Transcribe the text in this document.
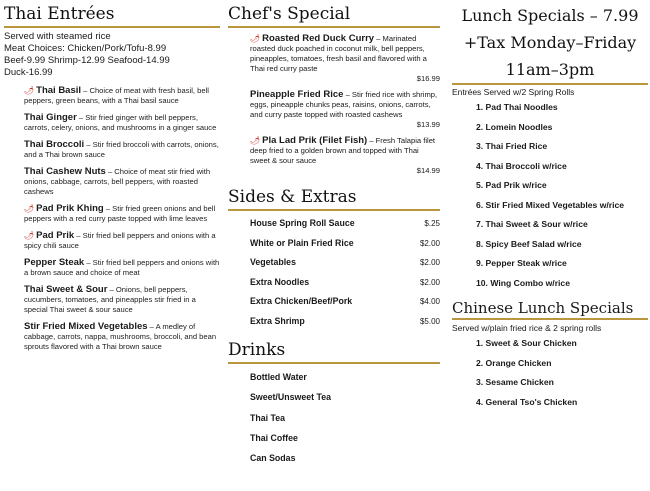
Thai Entrées
Served with steamed rice
Meat Choices: Chicken/Pork/Tofu-8.99
Beef-9.99 Shrimp-12.99 Seafood-14.99
Duck-16.99
🌶 Thai Basil – Choice of meat with fresh basil, bell peppers, green beans, with a Thai basil sauce
Thai Ginger – Stir fried ginger with bell peppers, carrots, celery, onions, and mushrooms in a ginger sauce
Thai Broccoli – Stir fried broccoli with carrots, onions, and a Thai brown sauce
Thai Cashew Nuts – Choice of meat stir fried with onions, cabbage, carrots, bell peppers, with roasted cashews
🌶 Pad Prik Khing – Stir fried green onions and bell peppers with a red curry paste topped with lime leaves
🌶 Pad Prik – Stir fried bell peppers and onions with a spicy chili sauce
Pepper Steak – Stir fried bell peppers and onions with a brown sauce and choice of meat
Thai Sweet & Sour – Onions, bell peppers, cucumbers, tomatoes, and pineapples stir fried in a special Thai sweet & sour sauce
Stir Fried Mixed Vegetables – A medley of cabbage, carrots, nappa, mushrooms, broccoli, and bean sprouts flavored with a Thai brown sauce
Chef's Special
🌶 Roasted Red Duck Curry – Marinated roasted duck poached in coconut milk, bell peppers, pineapples, tomatoes, fresh basil and flavored with a Thai red curry paste
$16.99
Pineapple Fried Rice – Stir fried rice with shrimp, eggs, pineapple chunks peas, raisins, onions, carrots, and curry paste topped with roasted cashews
$13.99
🌶 Pla Lad Prik (Filet Fish) – Fresh Talapia filet deep fried to a golden brown and topped with Thai sweet & sour sauce
$14.99
Sides & Extras
House Spring Roll Sauce	$.25
White or Plain Fried Rice	$2.00
Vegetables	$2.00
Extra Noodles	$2.00
Extra Chicken/Beef/Pork	$4.00
Extra Shrimp	$5.00
Drinks
Bottled Water
Sweet/Unsweet Tea
Thai Tea
Thai Coffee
Can Sodas
Lunch Specials – 7.99
+Tax Monday–Friday
11am–3pm
Entrées Served w/2 Spring Rolls
1. Pad Thai Noodles
2. Lomein Noodles
3. Thai Fried Rice
4. Thai Broccoli w/rice
5. Pad Prik w/rice
6. Stir Fried Mixed Vegetables w/rice
7. Thai Sweet & Sour w/rice
8. Spicy Beef Salad w/rice
9. Pepper Steak w/rice
10. Wing Combo w/rice
Chinese Lunch Specials
Served w/plain fried rice & 2 spring rolls
1. Sweet & Sour Chicken
2. Orange Chicken
3. Sesame Chicken
4. General Tso's Chicken
